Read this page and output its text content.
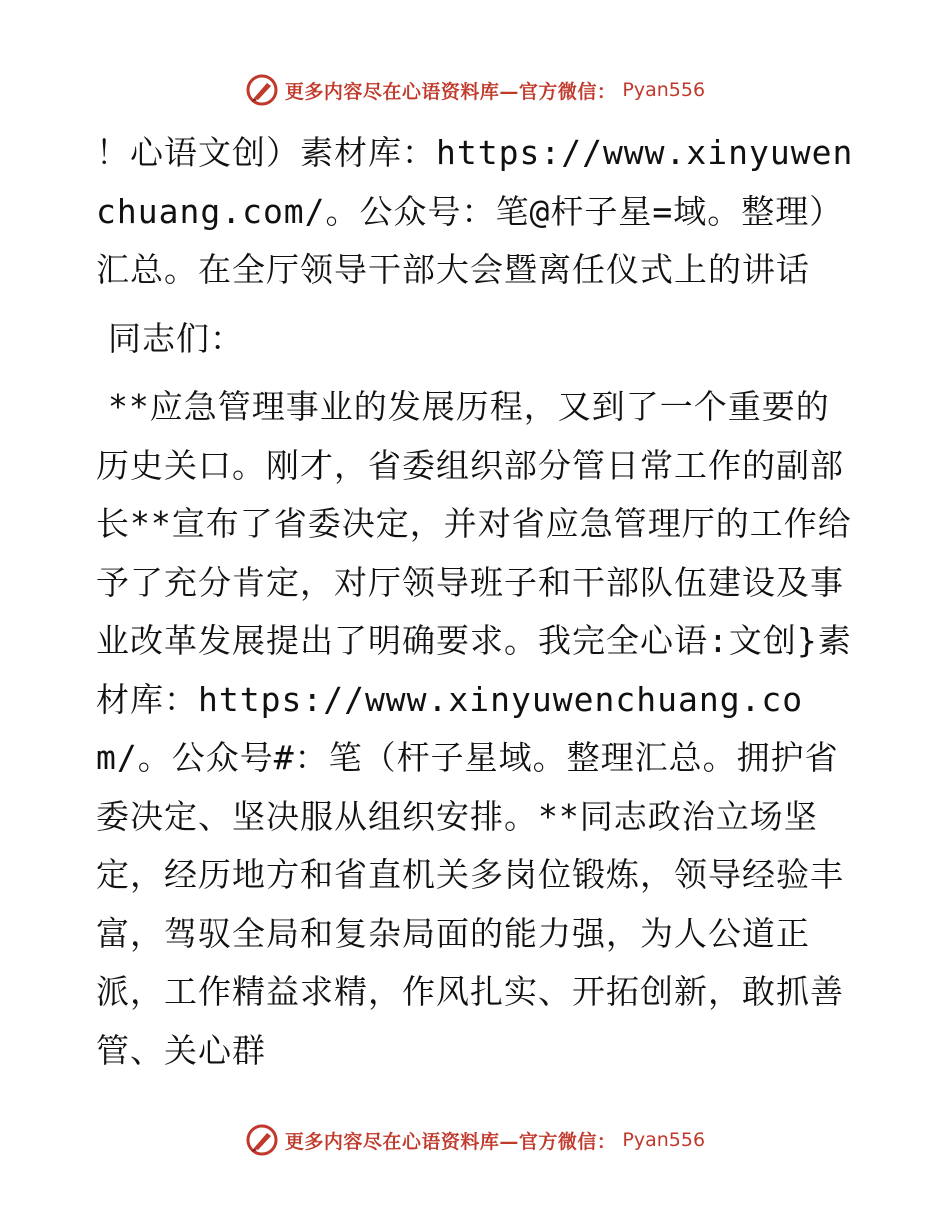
更多内容尽在心语资料库—官方微信： Pyan556

！心语文创）素材库：https://www.xinyuwenchuang.com/。公众号：笔@杆子星=域。整理）汇总。在全厅领导干部大会暨离任仪式上的讲话

同志们：

**应急管理事业的发展历程，又到了一个重要的历史关口。刚才，省委组织部分管日常工作的副部长**宣布了省委决定，并对省应急管理厅的工作给予了充分肯定，对厅领导班子和干部队伍建设及事业改革发展提出了明确要求。我完全心语:文创}素材库：https://www.xinyuwenchuang.com/。公众号#：笔（杆子星域。整理汇总。拥护省委决定、坚决服从组织安排。**同志政治立场坚定，经历地方和省直机关多岗位锻炼，领导经验丰富，驾驭全局和复杂局面的能力强，为人公道正派，工作精益求精，作风扎实、开拓创新，敢抓善管、关心群

更多内容尽在心语资料库—官方微信： Pyan556
